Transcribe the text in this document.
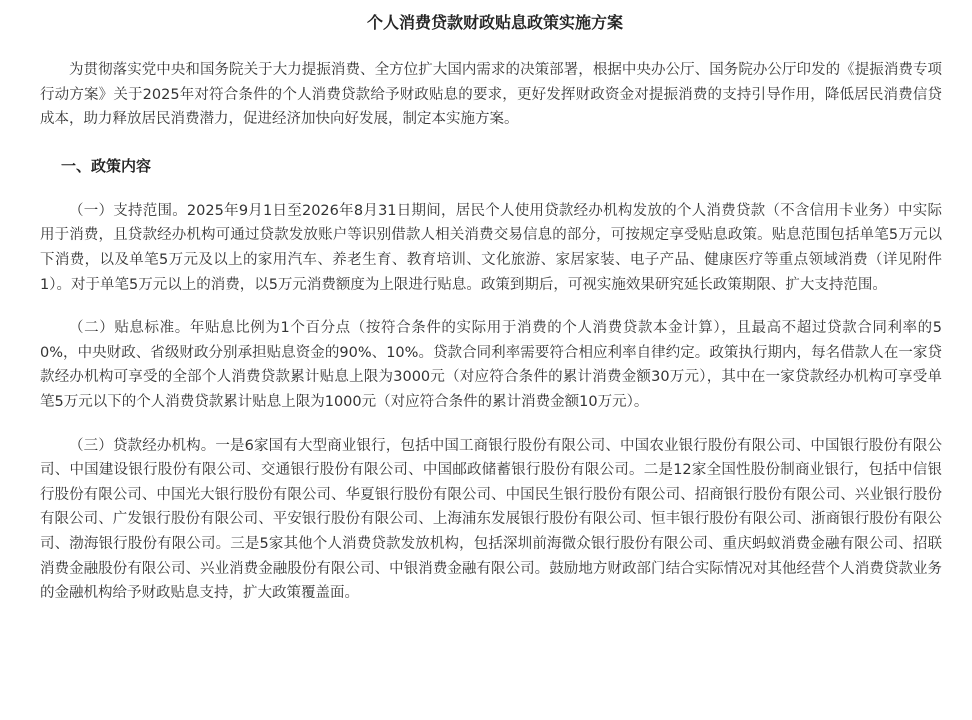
个人消费贷款财政贴息政策实施方案

为贯彻落实党中央和国务院关于大力提振消费、全方位扩大国内需求的决策部署，根据中央办公厅、国务院办公厅印发的《提振消费专项行动方案》关于2025年对符合条件的个人消费贷款给予财政贴息的要求，更好发挥财政资金对提振消费的支持引导作用，降低居民消费信贷成本，助力释放居民消费潜力，促进经济加快向好发展，制定本实施方案。

一、政策内容

（一）支持范围。2025年9月1日至2026年8月31日期间，居民个人使用贷款经办机构发放的个人消费贷款（不含信用卡业务）中实际用于消费，且贷款经办机构可通过贷款发放账户等识别借款人相关消费交易信息的部分，可按规定享受贴息政策。贴息范围包括单笔5万元以下消费，以及单笔5万元及以上的家用汽车、养老生育、教育培训、文化旅游、家居家装、电子产品、健康医疗等重点领域消费（详见附件1）。对于单笔5万元以上的消费，以5万元消费额度为上限进行贴息。政策到期后，可视实施效果研究延长政策期限、扩大支持范围。

（二）贴息标准。年贴息比例为1个百分点（按符合条件的实际用于消费的个人消费贷款本金计算），且最高不超过贷款合同利率的50%，中央财政、省级财政分别承担贴息资金的90%、10%。贷款合同利率需要符合相应利率自律约定。政策执行期内，每名借款人在一家贷款经办机构可享受的全部个人消费贷款累计贴息上限为3000元（对应符合条件的累计消费金额30万元），其中在一家贷款经办机构可享受单笔5万元以下的个人消费贷款累计贴息上限为1000元（对应符合条件的累计消费金额10万元）。

（三）贷款经办机构。一是6家国有大型商业银行，包括中国工商银行股份有限公司、中国农业银行股份有限公司、中国银行股份有限公司、中国建设银行股份有限公司、交通银行股份有限公司、中国邮政储蓄银行股份有限公司。二是12家全国性股份制商业银行，包括中信银行股份有限公司、中国光大银行股份有限公司、华夏银行股份有限公司、中国民生银行股份有限公司、招商银行股份有限公司、兴业银行股份有限公司、广发银行股份有限公司、平安银行股份有限公司、上海浦东发展银行股份有限公司、恒丰银行股份有限公司、浙商银行股份有限公司、渤海银行股份有限公司。三是5家其他个人消费贷款发放机构，包括深圳前海微众银行股份有限公司、重庆蚂蚁消费金融有限公司、招联消费金融股份有限公司、兴业消费金融股份有限公司、中银消费金融有限公司。鼓励地方财政部门结合实际情况对其他经营个人消费贷款业务的金融机构给予财政贴息支持，扩大政策覆盖面。
